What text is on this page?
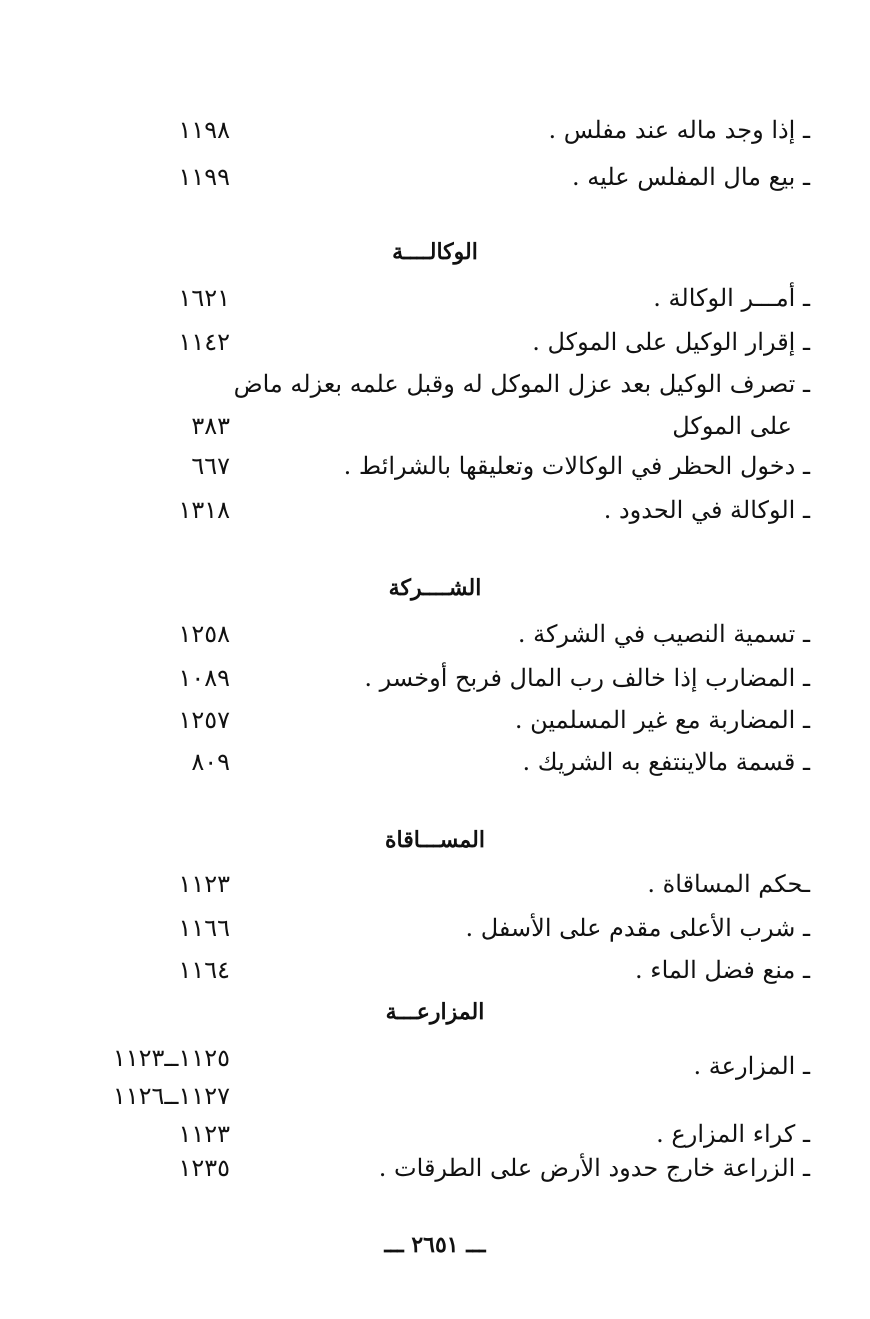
ـ إذا وجد ماله عند مفلس .
١١٩٨
ـ بيع مال المفلس عليه .
١١٩٩
الوكالــــة
ـ أمـــر الوكالة .
١٦٢١
ـ إقرار الوكيل على الموكل .
١١٤٢
ـ تصرف الوكيل بعد عزل الموكل له وقبل علمه بعزله ماض
على الموكل
٣٨٣
ـ دخول الحظر في الوكالات وتعليقها بالشرائط .
٦٦٧
ـ الوكالة في الحدود .
١٣١٨
الشــــركة
ـ تسمية النصيب في الشركة .
١٢٥٨
ـ المضارب إذا خالف رب المال فربح أوخسر .
١٠٨٩
ـ المضاربة مع غير المسلمين .
١٢٥٧
ـ قسمة مالاينتفع به الشريك .
٨٠٩
المســـاقاة
ـحكم المساقاة .
١١٢٣
ـ شرب الأعلى مقدم على الأسفل .
١١٦٦
ـ منع فضل الماء .
١١٦٤
المزارعـــة
١١٢٥ــ١١٢٣	ـ المزارعة .
١١٢٧ــ١١٢٦
ـ كراء المزارع .
١١٢٣
ـ الزراعة خارج حدود الأرض على الطرقات .
١٢٣٥
ـــ ٢٦٥١ ـــ
